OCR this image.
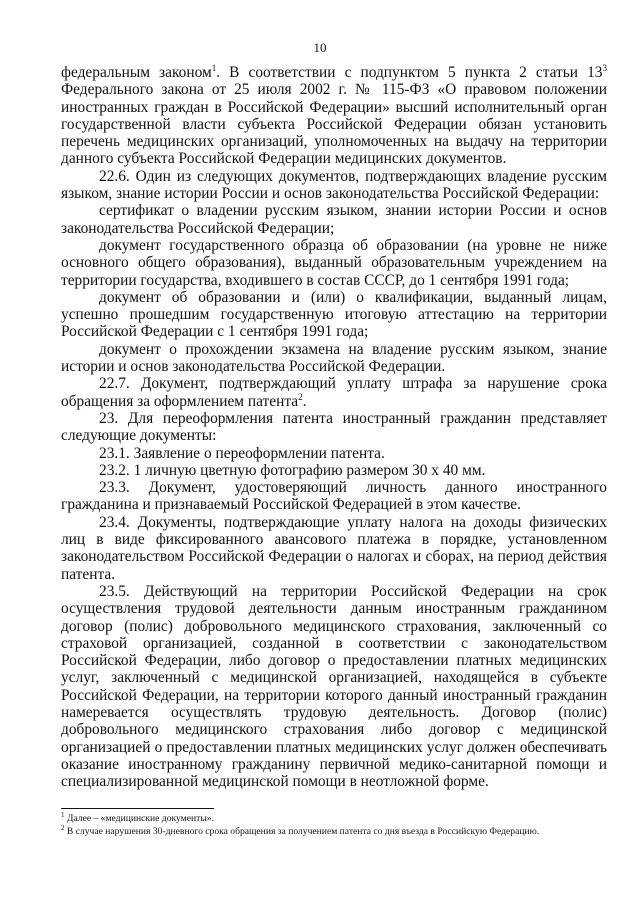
10

федеральным законом$^1$. В соответствии с подпунктом 5 пункта 2 статьи $13^3$ Федерального закона от 25 июля 2002 г. № 115-ФЗ «О правовом положении иностранных граждан в Российской Федерации» высший исполнительный орган государственной власти субъекта Российской Федерации обязан установить перечень медицинских организаций, уполномоченных на выдачу на территории данного субъекта Российской Федерации медицинских документов.

22.6. Один из следующих документов, подтверждающих владение русским языком, знание истории России и основ законодательства Российской Федерации:

сертификат о владении русским языком, знании истории России и основ законодательства Российской Федерации;

документ государственного образца об образовании (на уровне не ниже основного общего образования), выданный образовательным учреждением на территории государства, входившего в состав СССР, до 1 сентября 1991 года;

документ об образовании и (или) о квалификации, выданный лицам, успешно прошедшим государственную итоговую аттестацию на территории Российской Федерации с 1 сентября 1991 года;

документ о прохождении экзамена на владение русским языком, знание истории и основ законодательства Российской Федерации.

22.7. Документ, подтверждающий уплату штрафа за нарушение срока обращения за оформлением патента$^2$.

23. Для переоформления патента иностранный гражданин представляет следующие документы:

23.1. Заявление о переоформлении патента.

23.2. 1 личную цветную фотографию размером 30 х 40 мм.

23.3. Документ, удостоверяющий личность данного иностранного гражданина и признаваемый Российской Федерацией в этом качестве.

23.4. Документы, подтверждающие уплату налога на доходы физических лиц в виде фиксированного авансового платежа в порядке, установленном законодательством Российской Федерации о налогах и сборах, на период действия патента.

23.5. Действующий на территории Российской Федерации на срок осуществления трудовой деятельности данным иностранным гражданином договор (полис) добровольного медицинского страхования, заключенный со страховой организацией, созданной в соответствии с законодательством Российской Федерации, либо договор о предоставлении платных медицинских услуг, заключенный с медицинской организацией, находящейся в субъекте Российской Федерации, на территории которого данный иностранный гражданин намеревается осуществлять трудовую деятельность. Договор (полис) добровольного медицинского страхования либо договор с медицинской организацией о предоставлении платных медицинских услуг должен обеспечивать оказание иностранному гражданину первичной медико-санитарной помощи и специализированной медицинской помощи в неотложной форме.

$^1$ Далее – «медицинские документы».

$^2$ В случае нарушения 30-дневного срока обращения за получением патента со дня въезда в Российскую Федерацию.
